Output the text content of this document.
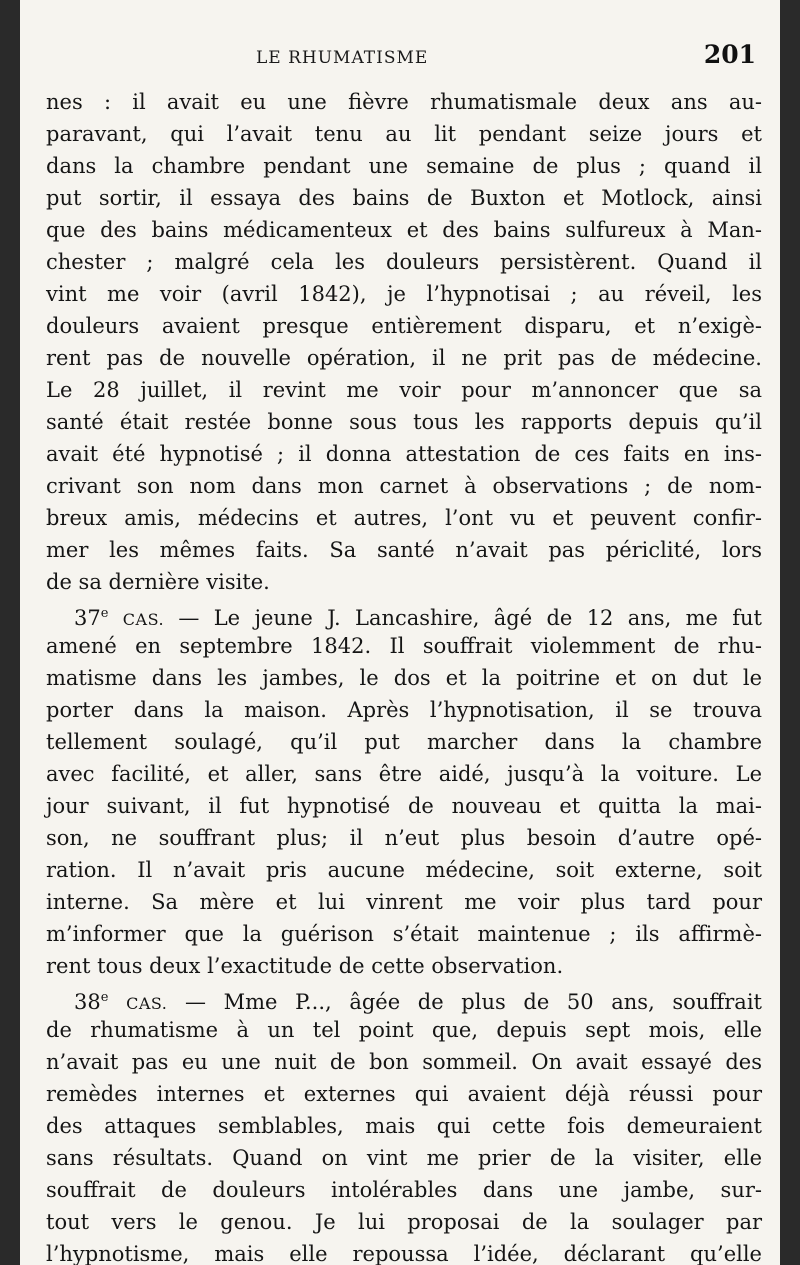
LE RHUMATISME	201
nes : il avait eu une fièvre rhumatismale deux ans au-
paravant, qui l’avait tenu au lit pendant seize jours et
dans la chambre pendant une semaine de plus ; quand il
put sortir, il essaya des bains de Buxton et Motlock, ainsi
que des bains médicamenteux et des bains sulfureux à Man-
chester ; malgré cela les douleurs persistèrent. Quand il
vint me voir (avril 1842), je l’hypnotisai ; au réveil, les
douleurs avaient presque entièrement disparu, et n’exigè-
rent pas de nouvelle opération, il ne prit pas de médecine.
Le 28 juillet, il revint me voir pour m’annoncer que sa
santé était restée bonne sous tous les rapports depuis qu’il
avait été hypnotisé ; il donna attestation de ces faits en ins-
crivant son nom dans mon carnet à observations ; de nom-
breux amis, médecins et autres, l’ont vu et peuvent confir-
mer les mêmes faits. Sa santé n’avait pas périclité, lors
de sa dernière visite.
37e CAS. — Le jeune J. Lancashire, âgé de 12 ans, me fut
amené en septembre 1842. Il souffrait violemment de rhu-
matisme dans les jambes, le dos et la poitrine et on dut le
porter dans la maison. Après l’hypnotisation, il se trouva
tellement soulagé, qu’il put marcher dans la chambre
avec facilité, et aller, sans être aidé, jusqu’à la voiture. Le
jour suivant, il fut hypnotisé de nouveau et quitta la mai-
son, ne souffrant plus; il n’eut plus besoin d’autre opé-
ration. Il n’avait pris aucune médecine, soit externe, soit
interne. Sa mère et lui vinrent me voir plus tard pour
m’informer que la guérison s’était maintenue ; ils affirmè-
rent tous deux l’exactitude de cette observation.
38e CAS. — Mme P..., âgée de plus de 50 ans, souffrait
de rhumatisme à un tel point que, depuis sept mois, elle
n’avait pas eu une nuit de bon sommeil. On avait essayé des
remèdes internes et externes qui avaient déjà réussi pour
des attaques semblables, mais qui cette fois demeuraient
sans résultats. Quand on vint me prier de la visiter, elle
souffrait de douleurs intolérables dans une jambe, sur-
tout vers le genou. Je lui proposai de la soulager par
l’hypnotisme, mais elle repoussa l’idée, déclarant qu’elle
